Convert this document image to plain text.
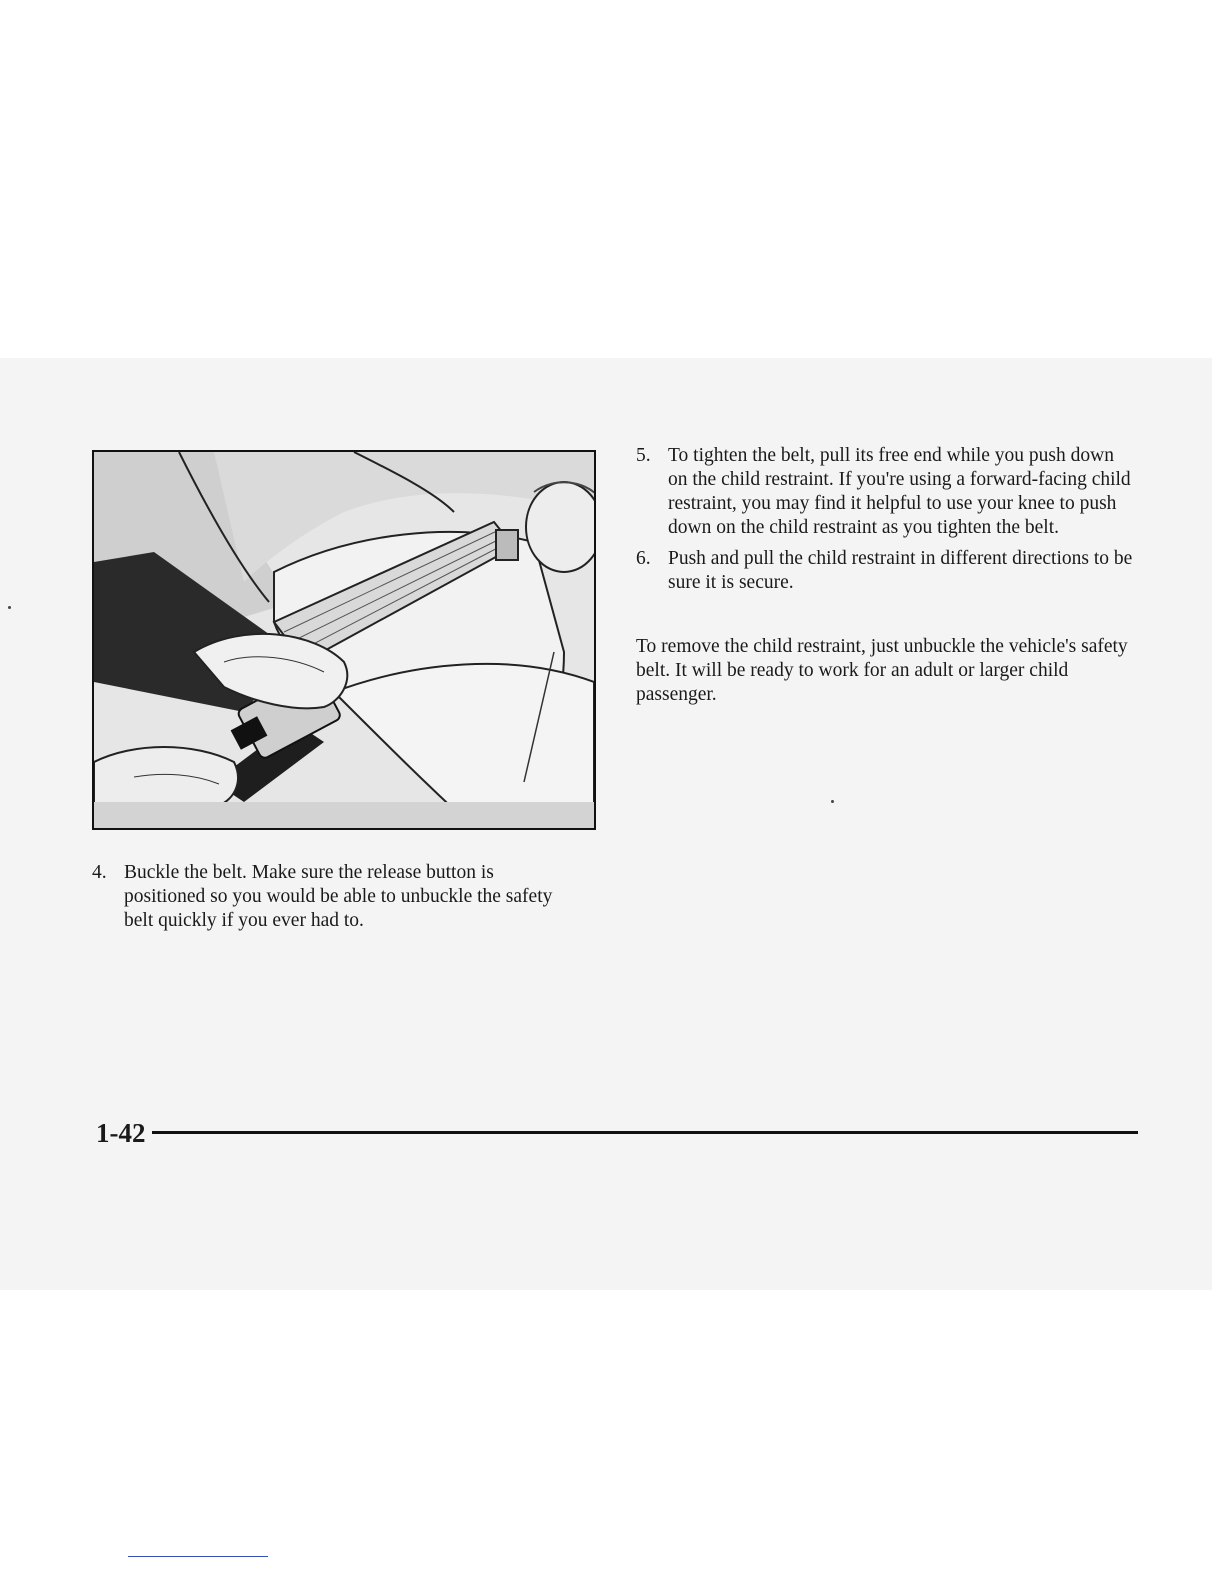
5. To tighten the belt, pull its free end while you push down on the child restraint. If you're using a forward-facing child restraint, you may find it helpful to use your knee to push down on the child restraint as you tighten the belt.
6. Push and pull the child restraint in different directions to be sure it is secure.
To remove the child restraint, just unbuckle the vehicle's safety belt. It will be ready to work for an adult or larger child passenger.
4. Buckle the belt. Make sure the release button is positioned so you would be able to unbuckle the safety belt quickly if you ever had to.
1-42
